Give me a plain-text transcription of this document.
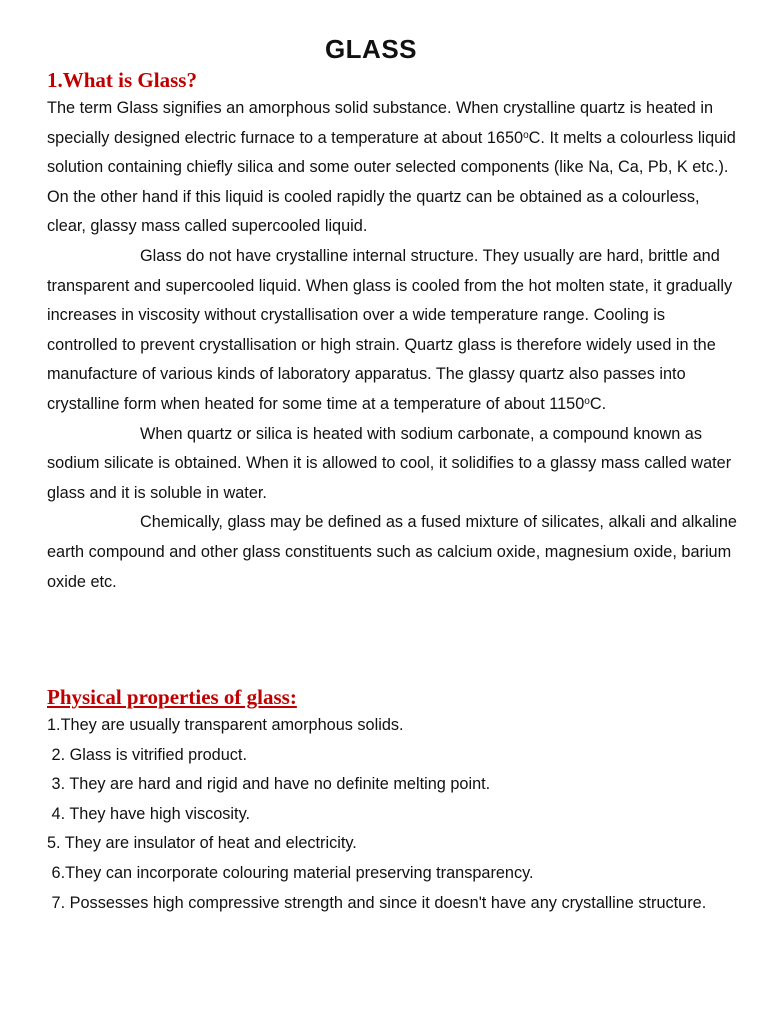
GLASS
1.What is Glass?

The term Glass signifies an amorphous solid substance. When crystalline quartz is heated in specially designed electric furnace to a temperature at about 1650$^o$C. It melts a colourless liquid solution containing chiefly silica and some outer selected components (like Na, Ca, Pb, K etc.). On the other hand if this liquid is cooled rapidly the quartz can be obtained as a colourless, clear, glassy mass called supercooled liquid.

Glass do not have crystalline internal structure. They usually are hard, brittle and transparent and supercooled liquid. When glass is cooled from the hot molten state, it gradually increases in viscosity without crystallisation over a wide temperature range. Cooling is controlled to prevent crystallisation or high strain. Quartz glass is therefore widely used in the manufacture of various kinds of laboratory apparatus. The glassy quartz also passes into crystalline form when heated for some time at a temperature of about 1150$^o$C.

When quartz or silica is heated with sodium carbonate, a compound known as sodium silicate is obtained. When it is allowed to cool, it solidifies to a glassy mass called water glass and it is soluble in water.

Chemically, glass may be defined as a fused mixture of silicates, alkali and alkaline earth compound and other glass constituents such as calcium oxide, magnesium oxide, barium oxide etc.

Physical properties of glass:
1.They are usually transparent amorphous solids.
2. Glass is vitrified product.
3. They are hard and rigid and have no definite melting point.
4. They have high viscosity.
5. They are insulator of heat and electricity.
6.They can incorporate colouring material preserving transparency.
7. Possesses high compressive strength and since it doesn't have any crystalline structure.
